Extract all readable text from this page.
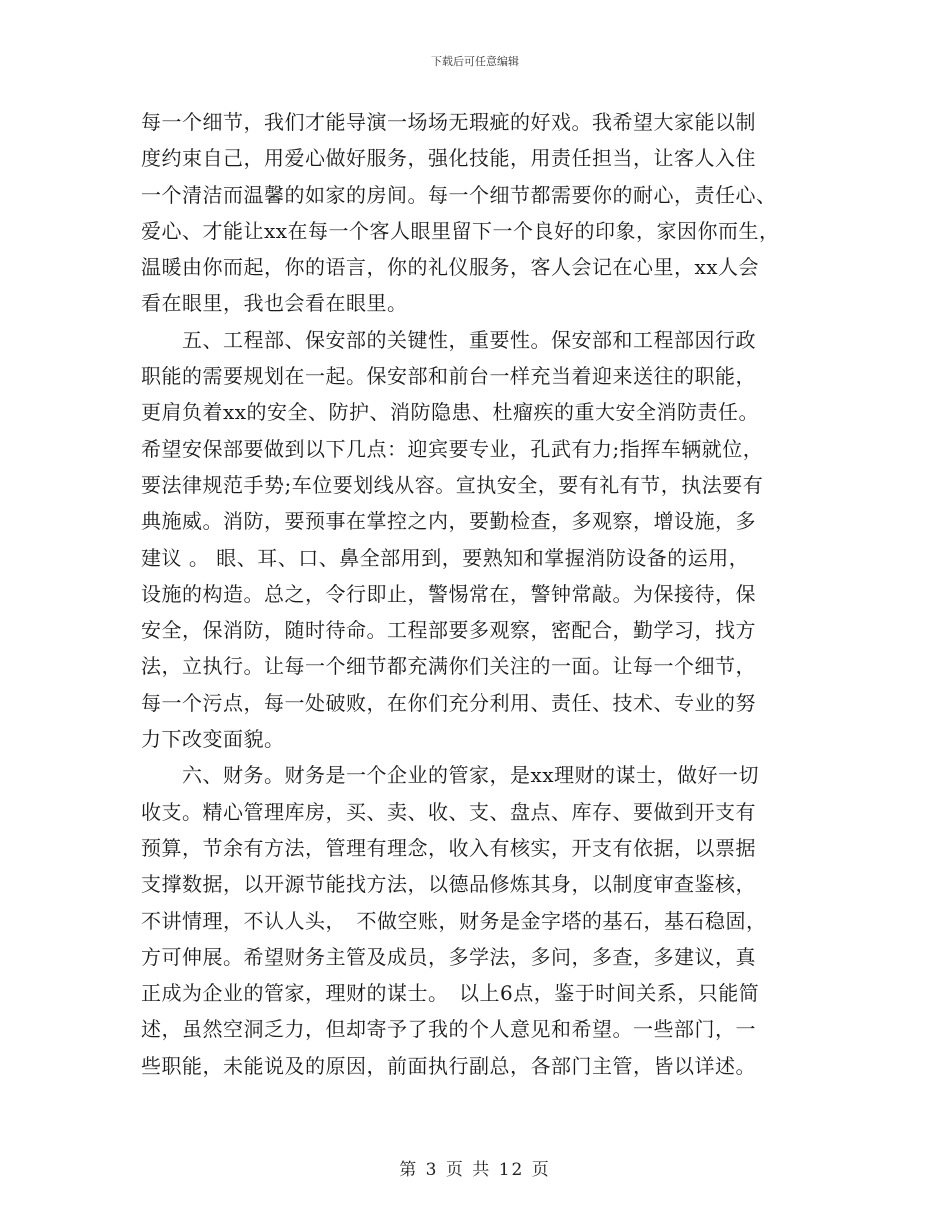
下载后可任意编辑
每一个细节，我们才能导演一场场无瑕疵的好戏。我希望大家能以制
度约束自己，用爱心做好服务，强化技能，用责任担当，让客人入住
一个清洁而温馨的如家的房间。每一个细节都需要你的耐心，责任心、
爱心、才能让xx在每一个客人眼里留下一个良好的印象，家因你而生，
温暖由你而起，你的语言，你的礼仪服务，客人会记在心里，xx人会
看在眼里，我也会看在眼里。
　　五、工程部、保安部的关键性，重要性。保安部和工程部因行政
职能的需要规划在一起。保安部和前台一样充当着迎来送往的职能，
更肩负着xx的安全、防护、消防隐患、杜瘤疾的重大安全消防责任。
希望安保部要做到以下几点：迎宾要专业，孔武有力;指挥车辆就位，
要法律规范手势;车位要划线从容。宣执安全，要有礼有节，执法要有
典施威。消防，要预事在掌控之内，要勤检查，多观察，增设施，多
建议 。 眼、耳、口、鼻全部用到，要熟知和掌握消防设备的运用，
设施的构造。总之，令行即止，警惕常在，警钟常敲。为保接待，保
安全，保消防，随时待命。工程部要多观察，密配合，勤学习，找方
法，立执行。让每一个细节都充满你们关注的一面。让每一个细节，
每一个污点，每一处破败，在你们充分利用、责任、技术、专业的努
力下改变面貌。
　　六、财务。财务是一个企业的管家，是xx理财的谋士，做好一切
收支。精心管理库房，买、卖、收、支、盘点、库存、要做到开支有
预算，节余有方法，管理有理念，收入有核实，开支有依据，以票据
支撑数据，以开源节能找方法，以德品修炼其身，以制度审查鉴核，
不讲情理，不认人头，　不做空账，财务是金字塔的基石，基石稳固，
方可伸展。希望财务主管及成员，多学法，多问，多查，多建议，真
正成为企业的管家，理财的谋士。　以上6点，鉴于时间关系，只能简
述，虽然空洞乏力，但却寄予了我的个人意见和希望。一些部门，一
些职能，未能说及的原因，前面执行副总，各部门主管，皆以详述。
第 3 页 共 12 页
